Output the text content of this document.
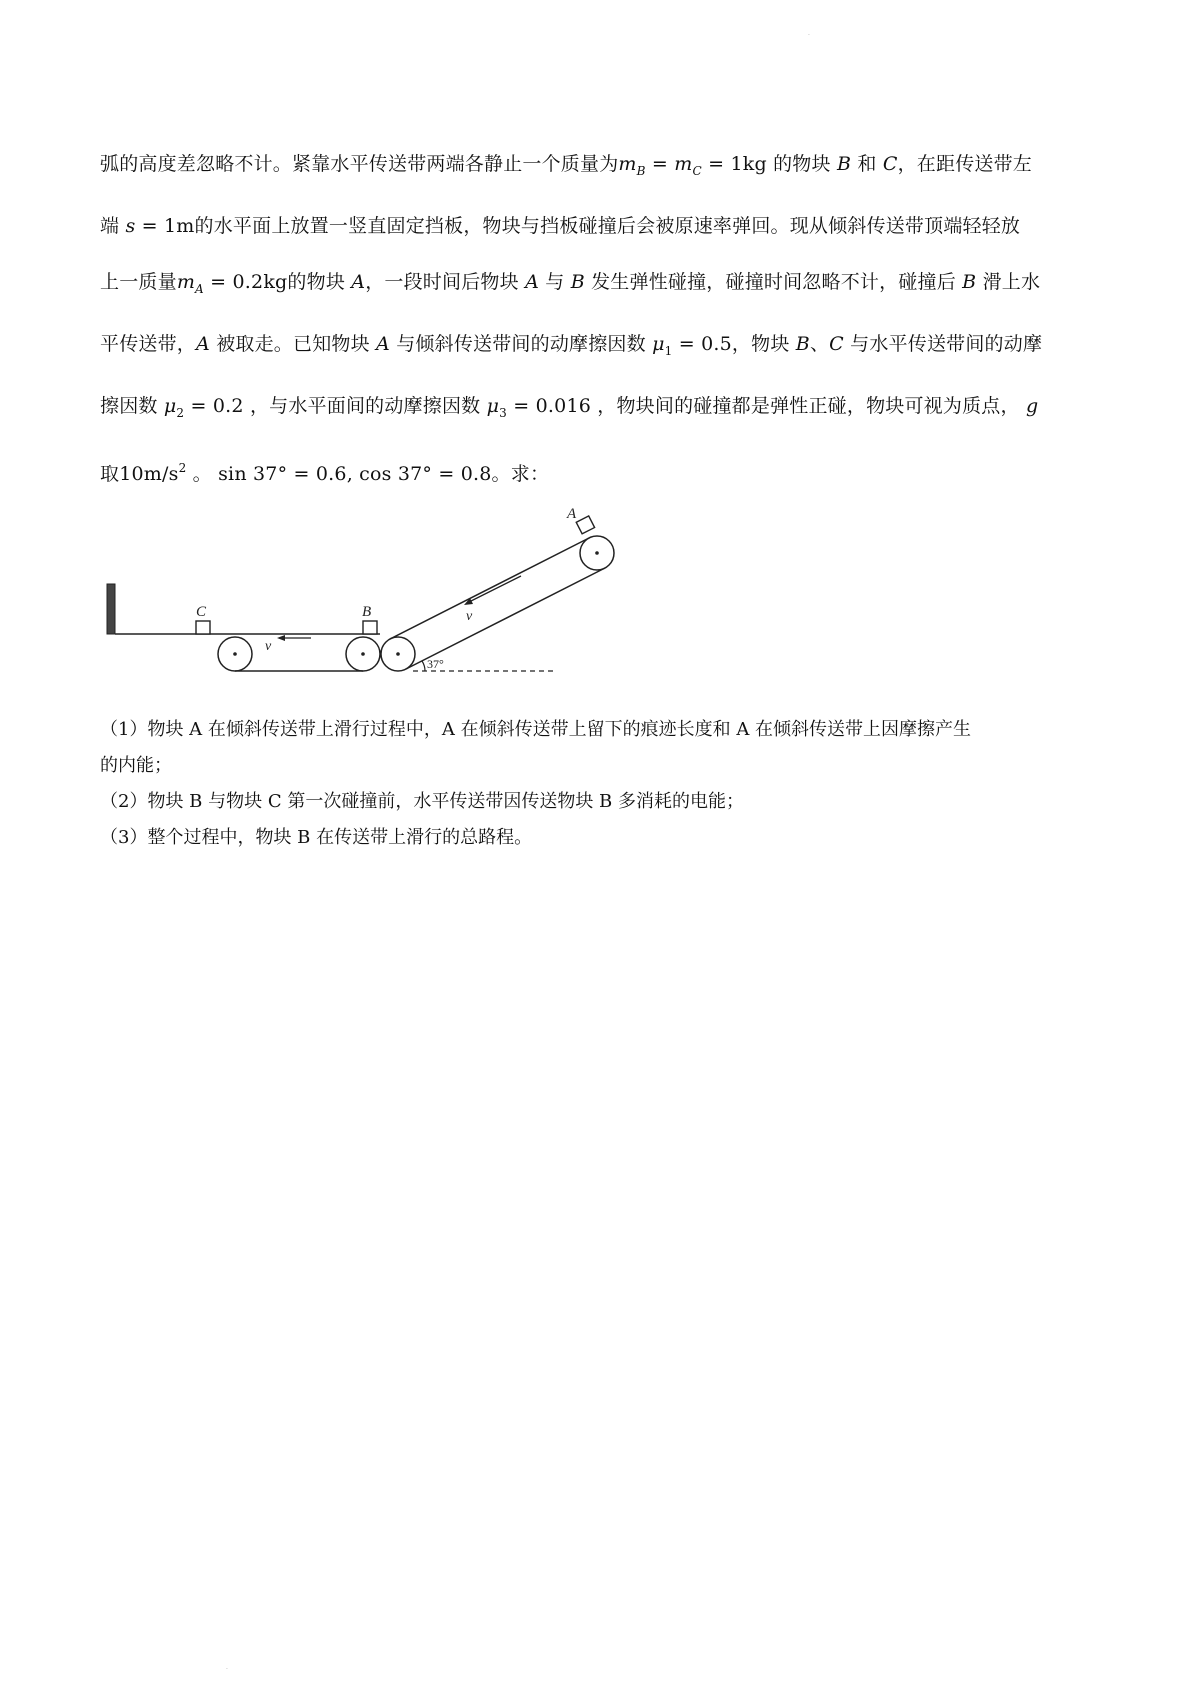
弧的高度差忽略不计。紧靠水平传送带两端各静止一个质量为$m_B = m_C = 1kg$ 的物块 B 和 C，在距传送带左
端 s = 1m的水平面上放置一竖直固定挡板，物块与挡板碰撞后会被原速率弹回。现从倾斜传送带顶端轻轻放
上一质量$m_A = 0.2kg$的物块 A，一段时间后物块 A 与 B 发生弹性碰撞，碰撞时间忽略不计，碰撞后 B 滑上水
平传送带，A 被取走。已知物块 A 与倾斜传送带间的动摩擦因数 $\mu_1 = 0.5$，物块 B、C 与水平传送带间的动摩
擦因数 $\mu_2 = 0.2$ ，与水平面间的动摩擦因数 $\mu_3 = 0.016$ ，物块间的碰撞都是弹性正碰，物块可视为质点， g
取$10m/s^2$ 。 sin 37° = 0.6, cos 37° = 0.8。求：
37°
C	B
A
v
v
（1）物块 A 在倾斜传送带上滑行过程中，A 在倾斜传送带上留下的痕迹长度和 A 在倾斜传送带上因摩擦产生
的内能；
（2）物块 B 与物块 C 第一次碰撞前，水平传送带因传送物块 B 多消耗的电能；
（3）整个过程中，物块 B 在传送带上滑行的总路程。
·
·
